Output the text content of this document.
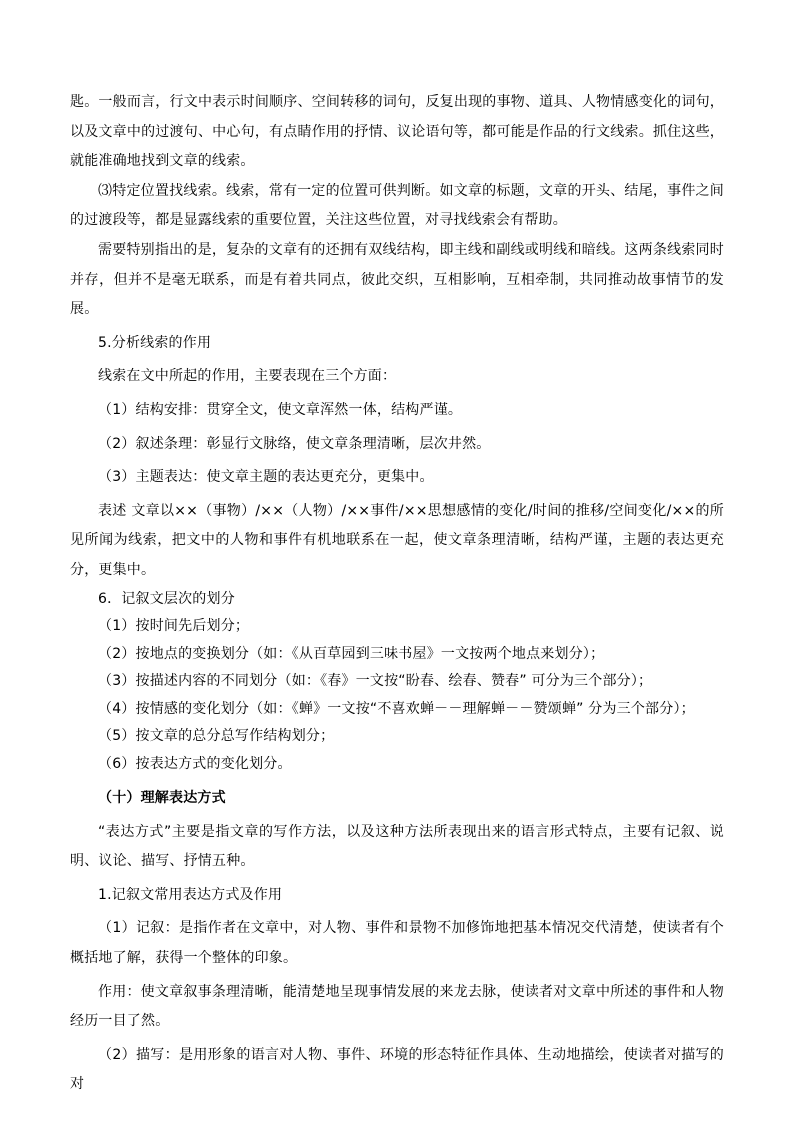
匙。一般而言，行文中表示时间顺序、空间转移的词句，反复出现的事物、道具、人物情感变化的词句，以及文章中的过渡句、中心句，有点睛作用的抒情、议论语句等，都可能是作品的行文线索。抓住这些，就能准确地找到文章的线索。

⑶特定位置找线索。线索，常有一定的位置可供判断。如文章的标题，文章的开头、结尾，事件之间的过渡段等，都是显露线索的重要位置，关注这些位置，对寻找线索会有帮助。

需要特别指出的是，复杂的文章有的还拥有双线结构，即主线和副线或明线和暗线。这两条线索同时并存，但并不是毫无联系，而是有着共同点，彼此交织，互相影响，互相牵制，共同推动故事情节的发展。

5.分析线索的作用

线索在文中所起的作用，主要表现在三个方面：

（1）结构安排：贯穿全文，使文章浑然一体，结构严谨。

（2）叙述条理：彰显行文脉络，使文章条理清晰，层次井然。

（3）主题表达：使文章主题的表达更充分，更集中。

表述 文章以××（事物）/××（人物）/××事件/××思想感情的变化/时间的推移/空间变化/××的所见所闻为线索，把文中的人物和事件有机地联系在一起，使文章条理清晰，结构严谨，主题的表达更充分，更集中。

6．记叙文层次的划分

（1）按时间先后划分；

（2）按地点的变换划分（如：《从百草园到三味书屋》一文按两个地点来划分）；

（3）按描述内容的不同划分（如：《春》一文按“盼春、绘春、赞春” 可分为三个部分）；

（4）按情感的变化划分（如：《蝉》一文按“不喜欢蝉－－理解蝉－－赞颂蝉” 分为三个部分）；

（5）按文章的总分总写作结构划分；

（6）按表达方式的变化划分。

（十）理解表达方式

“表达方式”主要是指文章的写作方法，以及这种方法所表现出来的语言形式特点，主要有记叙、说明、议论、描写、抒情五种。

1.记叙文常用表达方式及作用

（1）记叙：是指作者在文章中，对人物、事件和景物不加修饰地把基本情况交代清楚，使读者有个概括地了解，获得一个整体的印象。

作用：使文章叙事条理清晰，能清楚地呈现事情发展的来龙去脉，使读者对文章中所述的事件和人物经历一目了然。

（2）描写：是用形象的语言对人物、事件、环境的形态特征作具体、生动地描绘，使读者对描写的对
